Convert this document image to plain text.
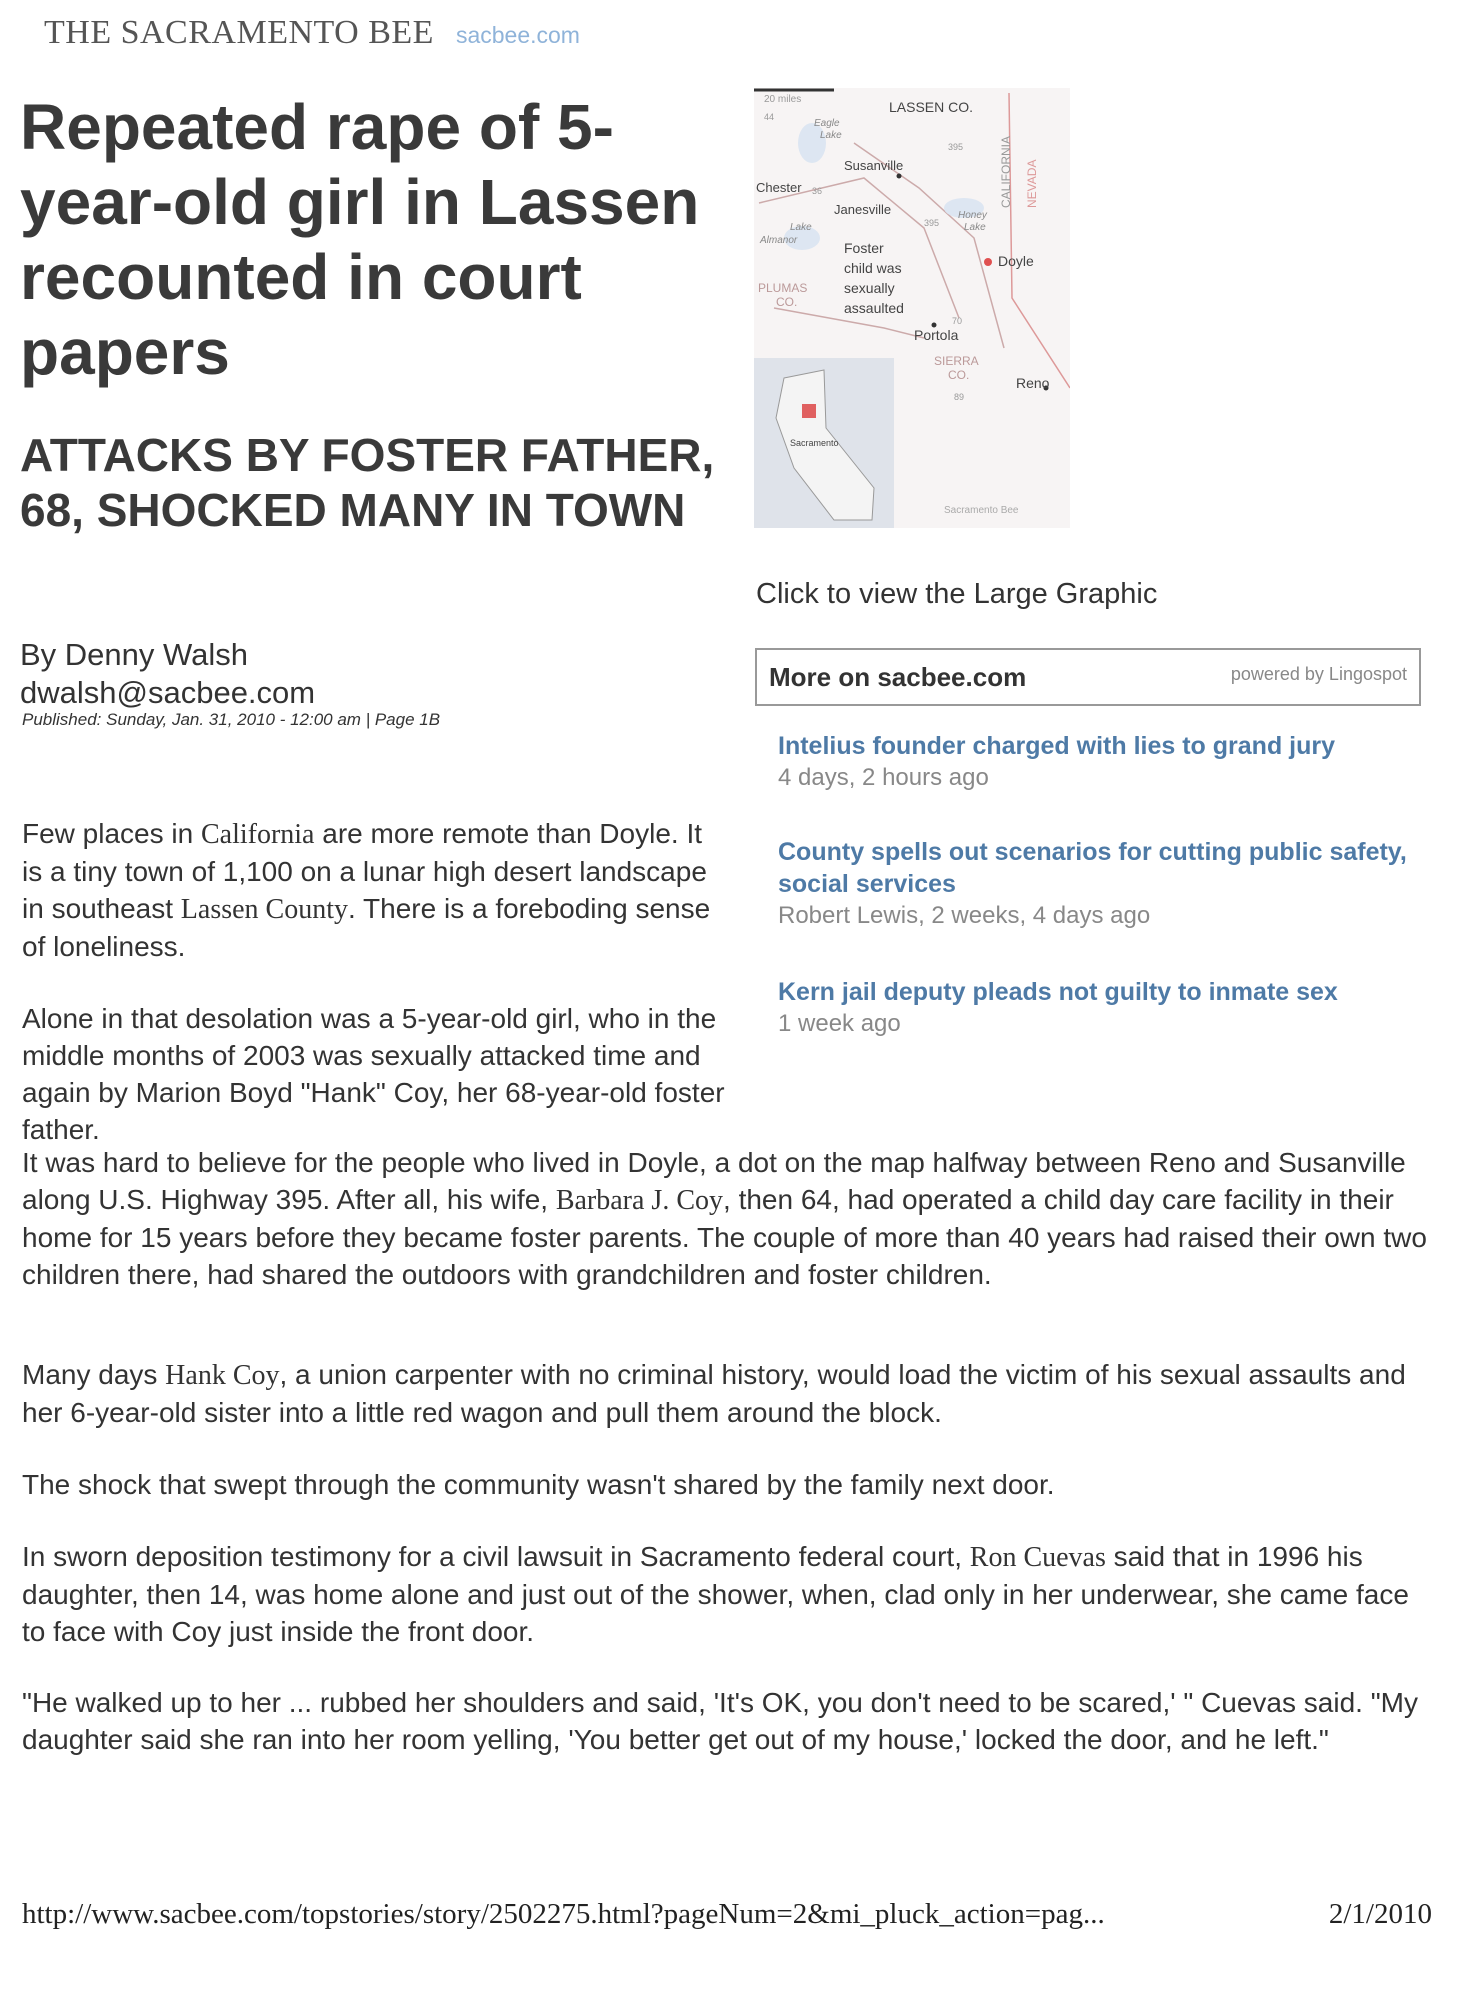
THE SACRAMENTO BEE sacbee.com
Repeated rape of 5-year-old girl in Lassen recounted in court papers
ATTACKS BY FOSTER FATHER, 68, SHOCKED MANY IN TOWN
By Denny Walsh
dwalsh@sacbee.com
Published: Sunday, Jan. 31, 2010 - 12:00 am | Page 1B
20 miles	LASSEN CO.
CALIFORNIA NEVADA
Eagle
Lake
Susanville
Chester
Janesville	Honey
Lake
Lake
Almanor
PLUMAS
CO.
Foster
child was
sexually
assaulted
Doyle
Portola
SIERRA
CO.	Reno
Sacramento
Sacramento Bee
44
36
395
395
70
89
Click to view the Large Graphic
More on sacbee.com	powered by Lingospot
Intelius founder charged with lies to grand jury
4 days, 2 hours ago
County spells out scenarios for cutting public safety, social services
Robert Lewis, 2 weeks, 4 days ago
Kern jail deputy pleads not guilty to inmate sex
1 week ago

Few places in California are more remote than Doyle. It is a tiny town of 1,100 on a lunar high desert landscape in southeast Lassen County. There is a foreboding sense of loneliness.

Alone in that desolation was a 5-year-old girl, who in the middle months of 2003 was sexually attacked time and again by Marion Boyd "Hank" Coy, her 68-year-old foster father.

It was hard to believe for the people who lived in Doyle, a dot on the map halfway between Reno and Susanville along U.S. Highway 395. After all, his wife, Barbara J. Coy, then 64, had operated a child day care facility in their home for 15 years before they became foster parents. The couple of more than 40 years had raised their own two children there, had shared the outdoors with grandchildren and foster children.

Many days Hank Coy, a union carpenter with no criminal history, would load the victim of his sexual assaults and her 6-year-old sister into a little red wagon and pull them around the block.

The shock that swept through the community wasn't shared by the family next door.

In sworn deposition testimony for a civil lawsuit in Sacramento federal court, Ron Cuevas said that in 1996 his daughter, then 14, was home alone and just out of the shower, when, clad only in her underwear, she came face to face with Coy just inside the front door.

"He walked up to her ... rubbed her shoulders and said, 'It's OK, you don't need to be scared,' " Cuevas said. "My daughter said she ran into her room yelling, 'You better get out of my house,' locked the door, and he left."

http://www.sacbee.com/topstories/story/2502275.html?pageNum=2&mi_pluck_action=pag...	2/1/2010
